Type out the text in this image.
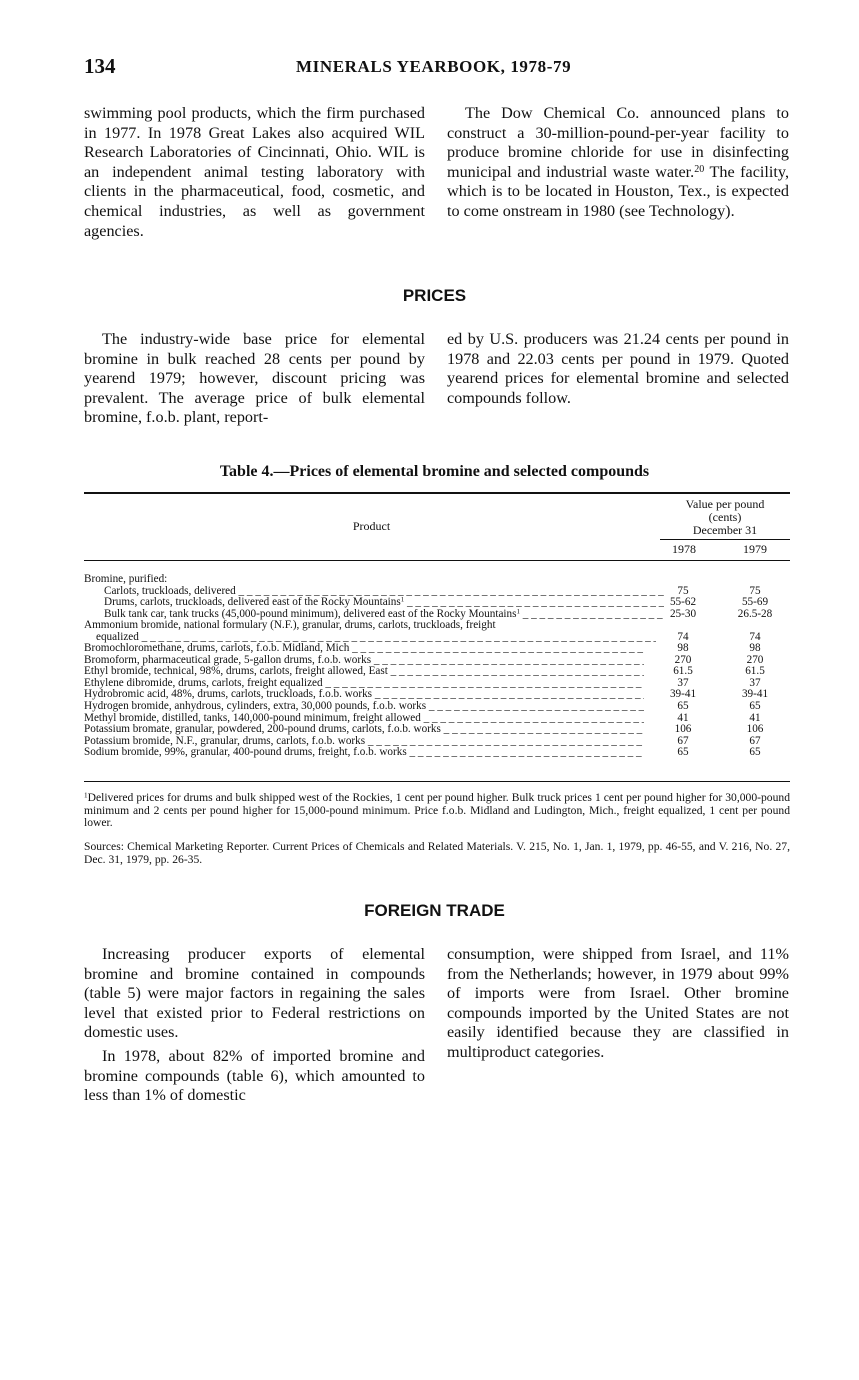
134	MINERALS YEARBOOK, 1978-79

swimming pool products, which the firm purchased in 1977. In 1978 Great Lakes also acquired WIL Research Laboratories of Cincinnati, Ohio. WIL is an independent animal testing laboratory with clients in the pharmaceutical, food, cosmetic, and chemical industries, as well as government agencies.

The Dow Chemical Co. announced plans to construct a 30-million-pound-per-year facility to produce bromine chloride for use in disinfecting municipal and industrial waste water.$^{20}$ The facility, which is to be located in Houston, Tex., is expected to come onstream in 1980 (see Technology).

PRICES

The industry-wide base price for elemental bromine in bulk reached 28 cents per pound by yearend 1979; however, discount pricing was prevalent. The average price of bulk elemental bromine, f.o.b. plant, report-

ed by U.S. producers was 21.24 cents per pound in 1978 and 22.03 cents per pound in 1979. Quoted yearend prices for elemental bromine and selected compounds follow.

Table 4.—Prices of elemental bromine and selected compounds
Product
Value per pound
(cents)
December 31
1978	1979
Bromine, purified:
Carlots, truckloads, delivered _ _ _	75	75
Drums, carlots, truckloads, delivered east of the Rocky Mountains$^1$ _ _ _	55-62	55-69
Bulk tank car, tank trucks (45,000-pound minimum), delivered east of the Rocky Mountains$^1$ _ _ _	25-30	26.5-28
Ammonium bromide, national formulary (N.F.), granular, drums, carlots, truckloads, freight
equalized _ _ _	74	74
Bromochloromethane, drums, carlots, f.o.b. Midland, Mich _ _ _	98	98
Bromoform, pharmaceutical grade, 5-gallon drums, f.o.b. works _ _ _	270	270
Ethyl bromide, technical, 98%, drums, carlots, freight allowed, East _ _ _	61.5	61.5
Ethylene dibromide, drums, carlots, freight equalized _ _ _	37	37
Hydrobromic acid, 48%, drums, carlots, truckloads, f.o.b. works _ _ _	39-41	39-41
Hydrogen bromide, anhydrous, cylinders, extra, 30,000 pounds, f.o.b. works _ _ _	65	65
Methyl bromide, distilled, tanks, 140,000-pound minimum, freight allowed _ _ _	41	41
Potassium bromate, granular, powdered, 200-pound drums, carlots, f.o.b. works _ _ _	106	106
Potassium bromide, N.F., granular, drums, carlots, f.o.b. works _ _ _	67	67
Sodium bromide, 99%, granular, 400-pound drums, freight, f.o.b. works _ _ _	65	65

$^1$Delivered prices for drums and bulk shipped west of the Rockies, 1 cent per pound higher. Bulk truck prices 1 cent per pound higher for 30,000-pound minimum and 2 cents per pound higher for 15,000-pound minimum. Price f.o.b. Midland and Ludington, Mich., freight equalized, 1 cent per pound lower.

Sources: Chemical Marketing Reporter. Current Prices of Chemicals and Related Materials. V. 215, No. 1, Jan. 1, 1979, pp. 46-55, and V. 216, No. 27, Dec. 31, 1979, pp. 26-35.

FOREIGN TRADE

Increasing producer exports of elemental bromine and bromine contained in compounds (table 5) were major factors in regaining the sales level that existed prior to Federal restrictions on domestic uses.

In 1978, about 82% of imported bromine and bromine compounds (table 6), which amounted to less than 1% of domestic

consumption, were shipped from Israel, and 11% from the Netherlands; however, in 1979 about 99% of imports were from Israel. Other bromine compounds imported by the United States are not easily identified because they are classified in multiproduct categories.
